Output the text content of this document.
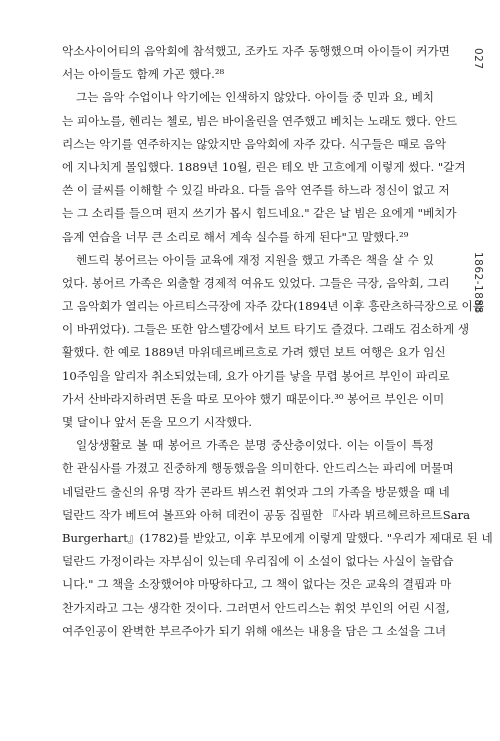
027
1862-1888
악소사이어티의 음악회에 참석했고, 조카도 자주 동행했으며 아이들이 커가면
서는 아이들도 함께 가곤 했다.²⁸
그는 음악 수업이나 악기에는 인색하지 않았다. 아이들 중 민과 요, 베치
는 피아노를, 헨리는 첼로, 빔은 바이올린을 연주했고 베치는 노래도 했다. 안드
리스는 악기를 연주하지는 않았지만 음악회에 자주 갔다. 식구들은 때로 음악
에 지나치게 몰입했다. 1889년 10월, 린은 테오 반 고흐에게 이렇게 썼다. "갈겨
쓴 이 글씨를 이해할 수 있길 바라요. 다들 음악 연주를 하느라 정신이 없고 저
는 그 소리를 들으며 편지 쓰기가 몹시 힘드네요." 같은 날 빔은 요에게 "베치가
음계 연습을 너무 큰 소리로 해서 계속 실수를 하게 된다"고 말했다.²⁹
헨드릭 봉어르는 아이들 교육에 재정 지원을 했고 가족은 책을 살 수 있
었다. 봉어르 가족은 외출할 경제적 여유도 있었다. 그들은 극장, 음악회, 그리
고 음악회가 열리는 아르티스극장에 자주 갔다(1894년 이후 흥란츠하극장으로 이름
이 바뀌었다). 그들은 또한 암스텔강에서 보트 타기도 즐겼다. 그래도 검소하게 생
활했다. 한 예로 1889년 마위데르베르흐로 가려 했던 보트 여행은 요가 임신
10주임을 알리자 취소되었는데, 요가 아기를 낳을 무렵 봉어르 부인이 파리로
가서 산바라지하려면 돈을 따로 모아야 했기 때문이다.³⁰ 봉어르 부인은 이미
몇 달이나 앞서 돈을 모으기 시작했다.
일상생활로 볼 때 봉어르 가족은 분명 중산층이었다. 이는 이들이 특정
한 관심사를 가졌고 진중하게 행동했음을 의미한다. 안드리스는 파리에 머물며
네덜란드 출신의 유명 작가 콘라트 뷔스컨 휘엇과 그의 가족을 방문했을 때 네
덜란드 작가 베트여 볼프와 아허 데컨이 공동 집필한 『사라 뷔르헤르하르트Sara
Burgerhart』(1782)를 받았고, 이후 부모에게 이렇게 말했다. "우리가 제대로 된 네
덜란드 가정이라는 자부심이 있는데 우리집에 이 소설이 없다는 사실이 놀랍습
니다." 그 책을 소장했어야 마땅하다고, 그 책이 없다는 것은 교육의 결핍과 마
찬가지라고 그는 생각한 것이다. 그러면서 안드리스는 휘엇 부인의 어린 시절,
여주인공이 완벽한 부르주아가 되기 위해 애쓰는 내용을 담은 그 소설을 그녀
